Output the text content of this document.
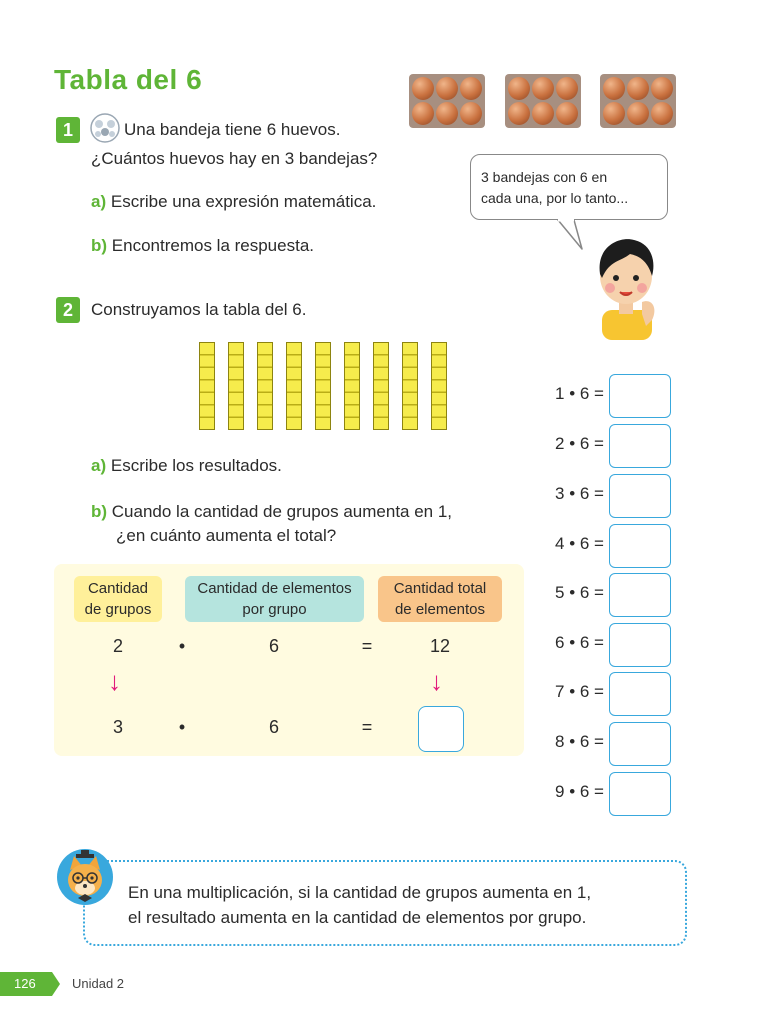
Tabla del 6
1	Una bandeja tiene 6 huevos.
¿Cuántos huevos hay en 3 bandejas?
a) Escribe una expresión matemática.
b) Encontremos la respuesta.
3 bandejas con 6 en
cada una, por lo tanto...
2	Construyamos la tabla del 6.
a) Escribe los resultados.
b) Cuando la cantidad de grupos aumenta en 1,
¿en cuánto aumenta el total?
1 • 6 =
2 • 6 =
3 • 6 =
4 • 6 =
5 • 6 =
6 • 6 =
7 • 6 =
8 • 6 =
9 • 6 =
Cantidad
de grupos
Cantidad de elementos
por grupo
Cantidad total
de elementos
2	•	6	=	12
↓	↓
3	•	6	=
En una multiplicación, si la cantidad de grupos aumenta en 1,
el resultado aumenta en la cantidad de elementos por grupo.
126	Unidad 2
